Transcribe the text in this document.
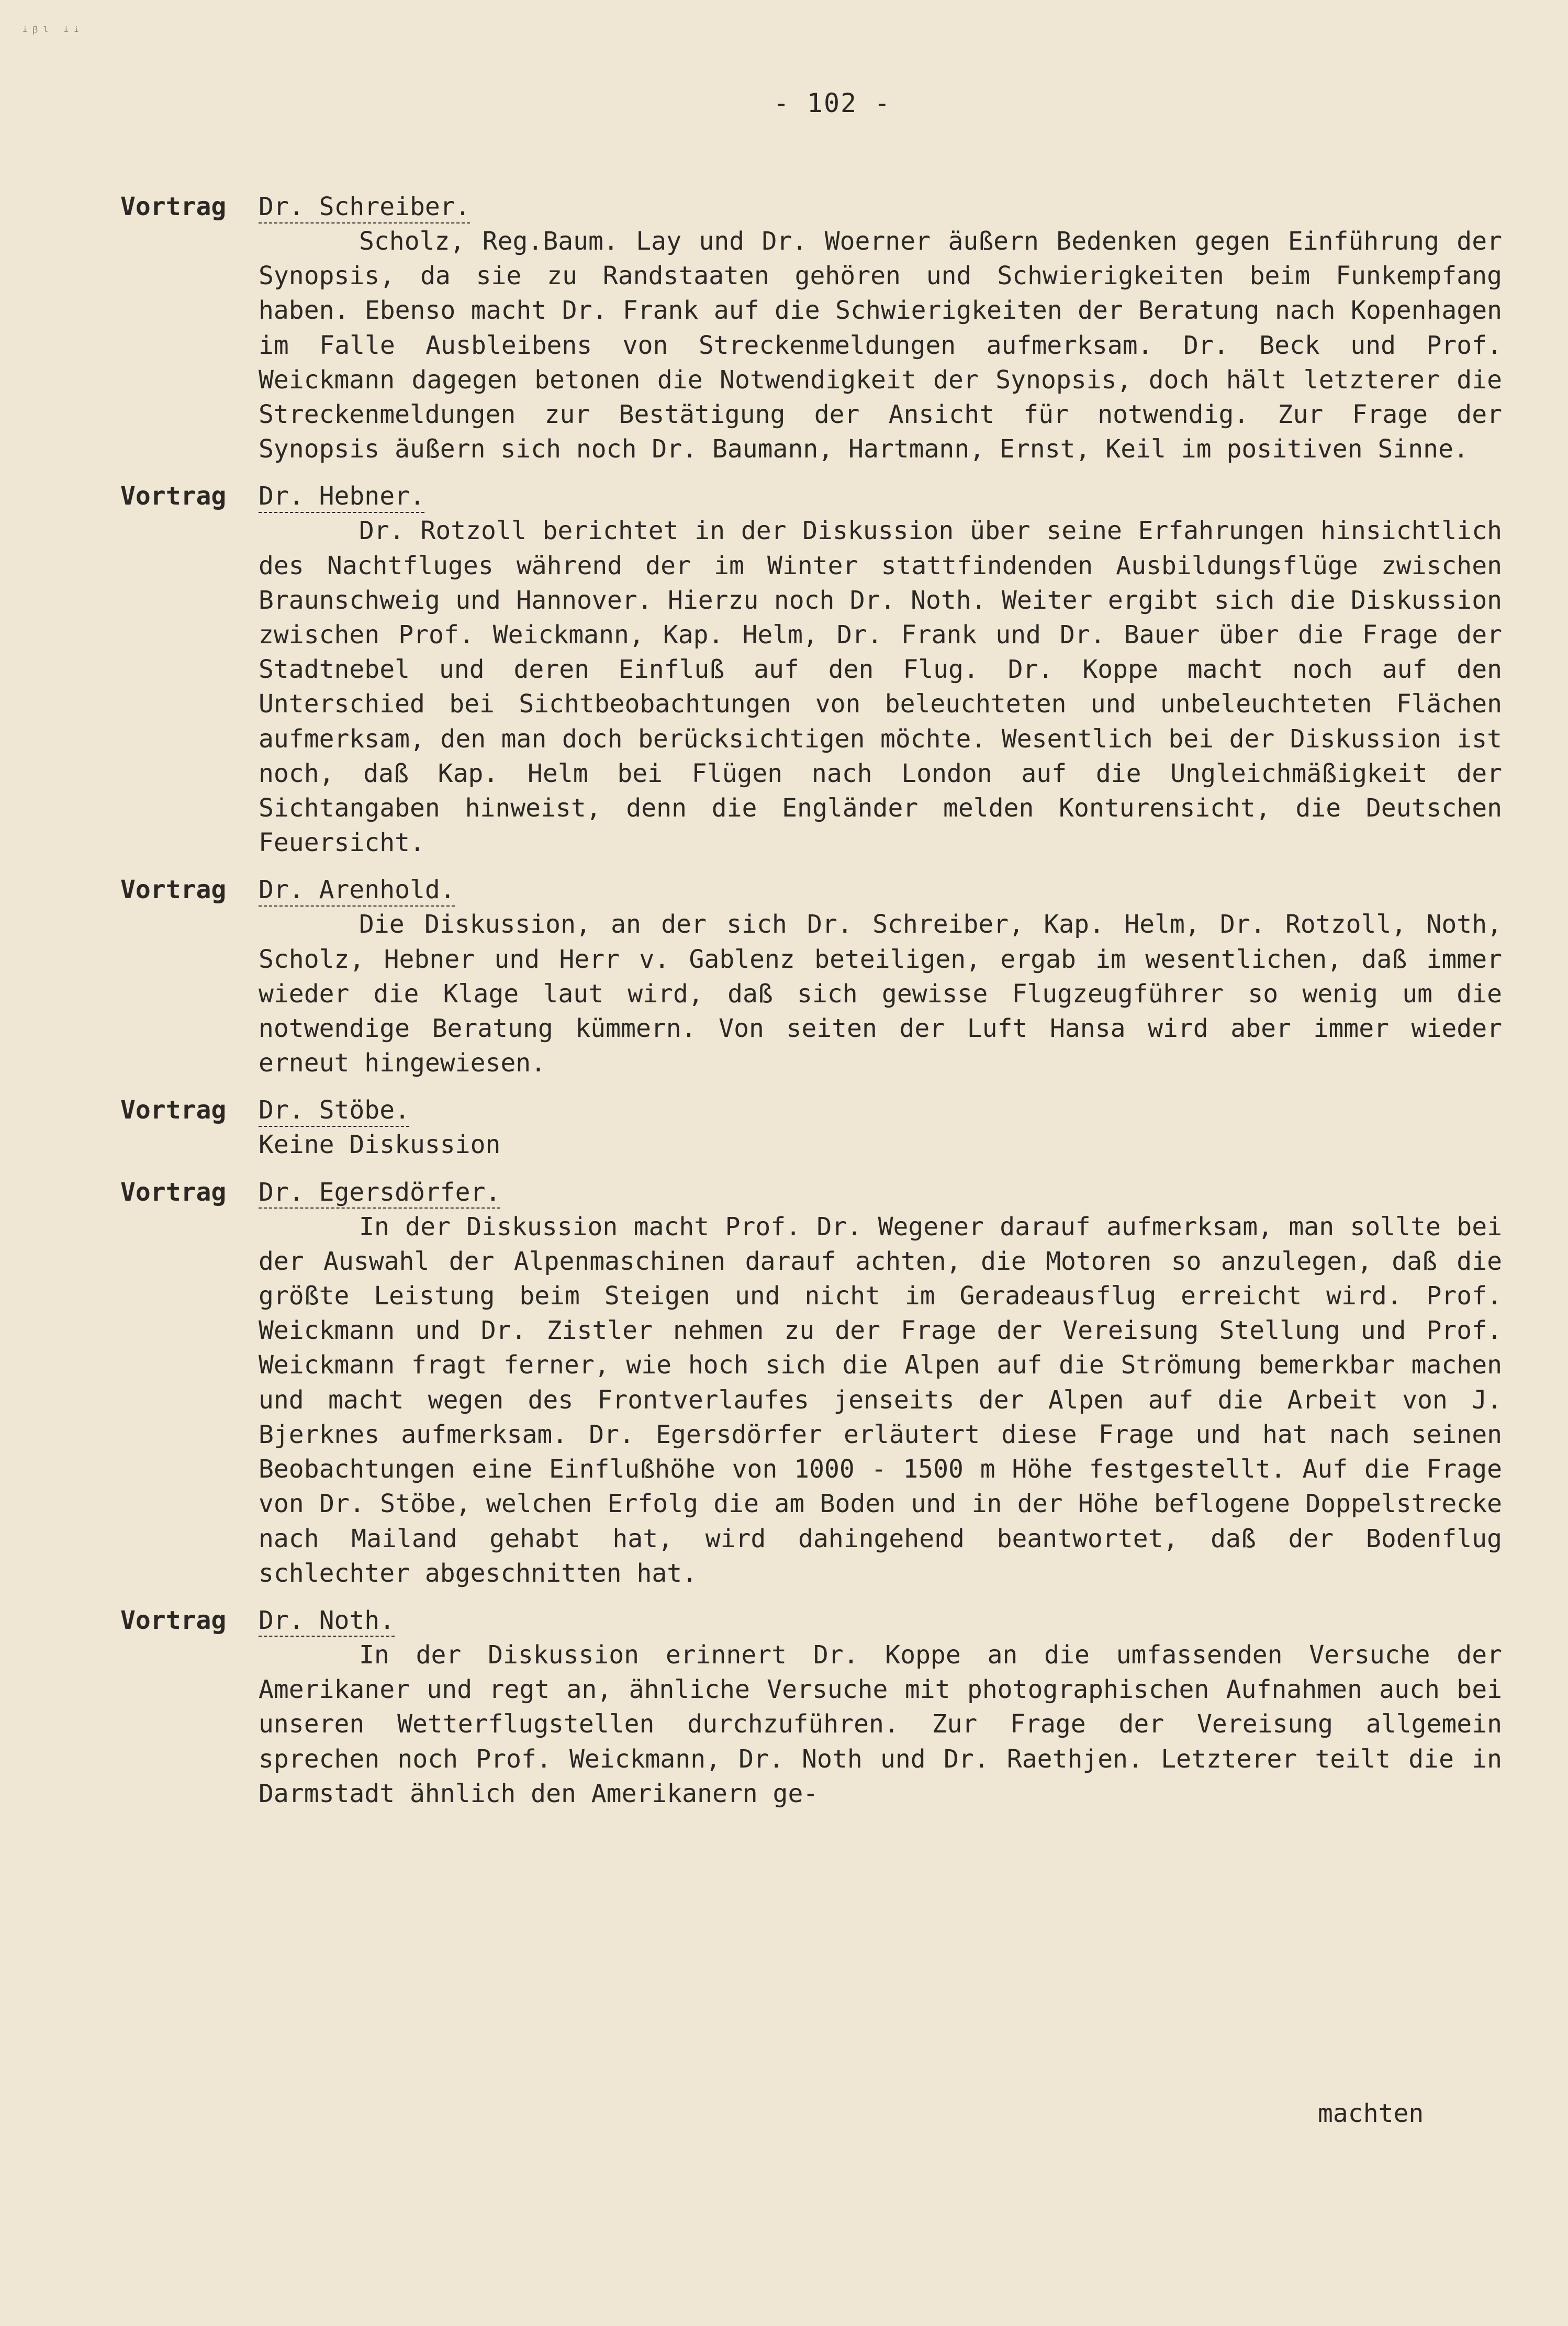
ᵢᵦₗ ᵢᵢ
- 102 -
Vortrag	Dr. Schreiber.

Scholz, Reg.Baum. Lay und Dr. Woerner äußern Bedenken gegen Einführung der Synopsis, da sie zu Randstaaten gehören und Schwierigkeiten beim Funkempfang haben. Ebenso macht Dr. Frank auf die Schwierigkeiten der Beratung nach Kopenhagen im Falle Ausbleibens von Streckenmeldungen aufmerksam. Dr. Beck und Prof. Weickmann dagegen betonen die Notwendigkeit der Synopsis, doch hält letzterer die Streckenmeldungen zur Bestätigung der Ansicht für notwendig. Zur Frage der Synopsis äußern sich noch Dr. Baumann, Hartmann, Ernst, Keil im positiven Sinne.

Vortrag	Dr. Hebner.

Dr. Rotzoll berichtet in der Diskussion über seine Erfahrungen hinsichtlich des Nachtfluges während der im Winter stattfindenden Ausbildungsflüge zwischen Braunschweig und Hannover. Hierzu noch Dr. Noth. Weiter ergibt sich die Diskussion zwischen Prof. Weickmann, Kap. Helm, Dr. Frank und Dr. Bauer über die Frage der Stadtnebel und deren Einfluß auf den Flug. Dr. Koppe macht noch auf den Unterschied bei Sichtbeobachtungen von beleuchteten und unbeleuchteten Flächen aufmerksam, den man doch berücksichtigen möchte. Wesentlich bei der Diskussion ist noch, daß Kap. Helm bei Flügen nach London auf die Ungleichmäßigkeit der Sichtangaben hinweist, denn die Engländer melden Konturensicht, die Deutschen Feuersicht.

Vortrag	Dr. Arenhold.

Die Diskussion, an der sich Dr. Schreiber, Kap. Helm, Dr. Rotzoll, Noth, Scholz, Hebner und Herr v. Gablenz beteiligen, ergab im wesentlichen, daß immer wieder die Klage laut wird, daß sich gewisse Flugzeugführer so wenig um die notwendige Beratung kümmern. Von seiten der Luft Hansa wird aber immer wieder erneut hingewiesen.

Vortrag	Dr. Stöbe.

Keine Diskussion

Vortrag	Dr. Egersdörfer.

In der Diskussion macht Prof. Dr. Wegener darauf aufmerksam, man sollte bei der Auswahl der Alpenmaschinen darauf achten, die Motoren so anzulegen, daß die größte Leistung beim Steigen und nicht im Geradeausflug erreicht wird. Prof. Weickmann und Dr. Zistler nehmen zu der Frage der Vereisung Stellung und Prof. Weickmann fragt ferner, wie hoch sich die Alpen auf die Strömung bemerkbar machen und macht wegen des Frontverlaufes jenseits der Alpen auf die Arbeit von J. Bjerknes aufmerksam. Dr. Egersdörfer erläutert diese Frage und hat nach seinen Beobachtungen eine Einflußhöhe von 1000 - 1500 m Höhe festgestellt. Auf die Frage von Dr. Stöbe, welchen Erfolg die am Boden und in der Höhe beflogene Doppelstrecke nach Mailand gehabt hat, wird dahingehend beantwortet, daß der Bodenflug schlechter abgeschnitten hat.

Vortrag	Dr. Noth.

In der Diskussion erinnert Dr. Koppe an die umfassenden Versuche der Amerikaner und regt an, ähnliche Versuche mit photographischen Aufnahmen auch bei unseren Wetterflugstellen durchzuführen. Zur Frage der Vereisung allgemein sprechen noch Prof. Weickmann, Dr. Noth und Dr. Raethjen. Letzterer teilt die in Darmstadt ähnlich den Amerikanern ge-

machten
